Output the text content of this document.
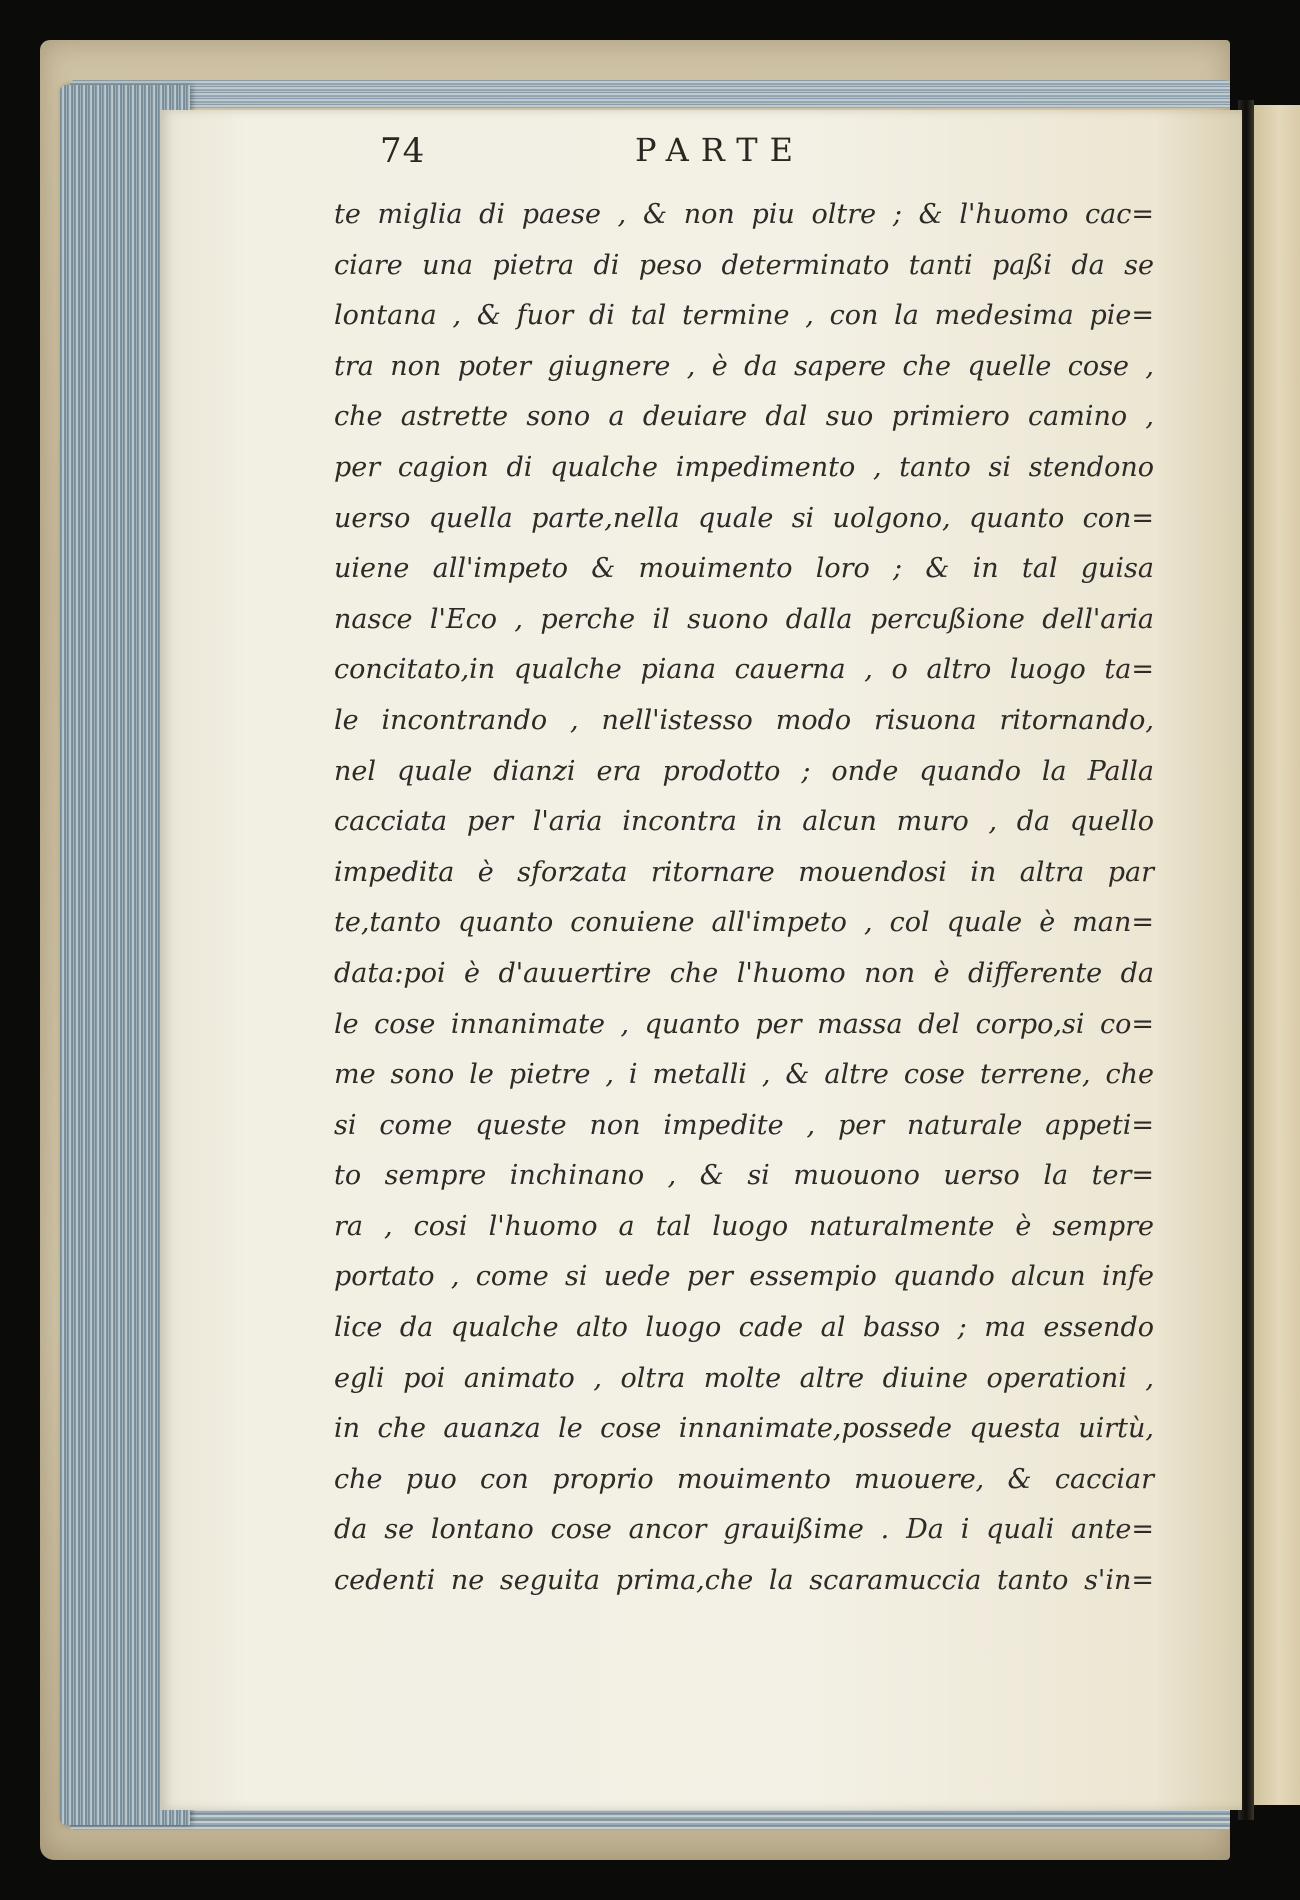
74	PARTE
te miglia di paese , & non piu oltre ; & l'huomo cac=
ciare una pietra di peso determinato tanti paßi da se
lontana , & fuor di tal termine , con la medesima pie=
tra non poter giugnere , è da sapere che quelle cose ,
che astrette sono a deuiare dal suo primiero camino ,
per cagion di qualche impedimento , tanto si stendono
uerso quella parte,nella quale si uolgono, quanto con=
uiene all'impeto & mouimento loro ; & in tal guisa
nasce l'Eco , perche il suono dalla percußione dell'aria
concitato,in qualche piana cauerna , o altro luogo ta=
le incontrando , nell'istesso modo risuona ritornando,
nel quale dianzi era prodotto ; onde quando la Palla
cacciata per l'aria incontra in alcun muro , da quello
impedita è sforzata ritornare mouendosi in altra par
te,tanto quanto conuiene all'impeto , col quale è man=
data:poi è d'auuertire che l'huomo non è differente da
le cose innanimate , quanto per massa del corpo,si co=
me sono le pietre , i metalli , & altre cose terrene, che
si come queste non impedite , per naturale appeti=
to sempre inchinano , & si muouono uerso la ter=
ra , cosi l'huomo a tal luogo naturalmente è sempre
portato , come si uede per essempio quando alcun infe
lice da qualche alto luogo cade al basso ; ma essendo
egli poi animato , oltra molte altre diuine operationi ,
in che auanza le cose innanimate,possede questa uirtù,
che puo con proprio mouimento muouere, & cacciar
da se lontano cose ancor grauißime . Da i quali ante=
cedenti ne seguita prima,che la scaramuccia tanto s'in=
